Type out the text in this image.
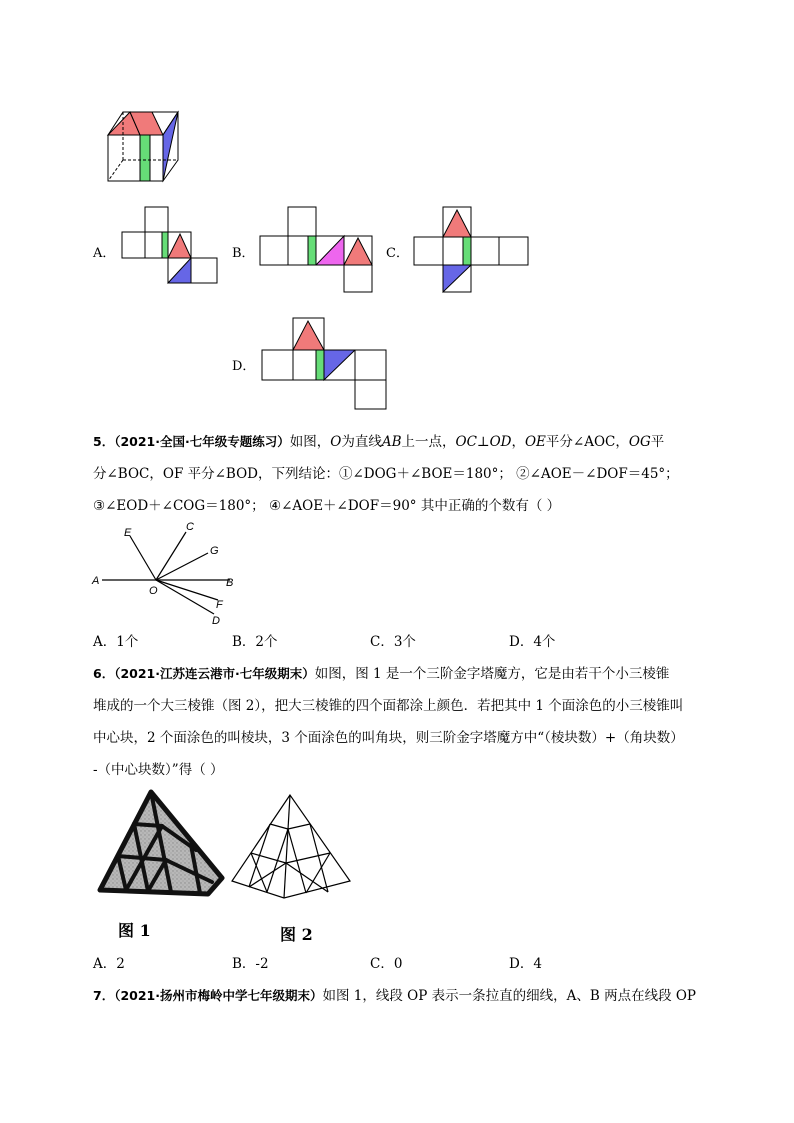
A．	B．	C．
D．
5．（2021·全国·七年级专题练习）如图，O为直线AB上一点，OC⊥OD，OE平分∠AOC，OG平
分∠BOC，OF 平分∠BOD，下列结论：①∠DOG＋∠BOE＝180°； ②∠AOE－∠DOF＝45°；
③∠EOD＋∠COG＝180°； ④∠AOE＋∠DOF＝90° 其中正确的个数有（ ）
A	B
C
D
E
F
G
O
A．1个	B．2个	C．3个	D．4个
6．（2021·江苏连云港市·七年级期末）如图，图 1 是一个三阶金字塔魔方，它是由若干个小三棱锥
堆成的一个大三棱锥（图 2），把大三棱锥的四个面都涂上颜色．若把其中 1 个面涂色的小三棱锥叫
中心块，2 个面涂色的叫棱块，3 个面涂色的叫角块，则三阶金字塔魔方中“（棱块数）+（角块数）
-（中心块数）”得（ ）
图 1	图 2
A．2	B．-2	C．0	D．4
7．（2021·扬州市梅岭中学七年级期末）如图 1，线段 OP 表示一条拉直的细线，A、B 两点在线段 OP
